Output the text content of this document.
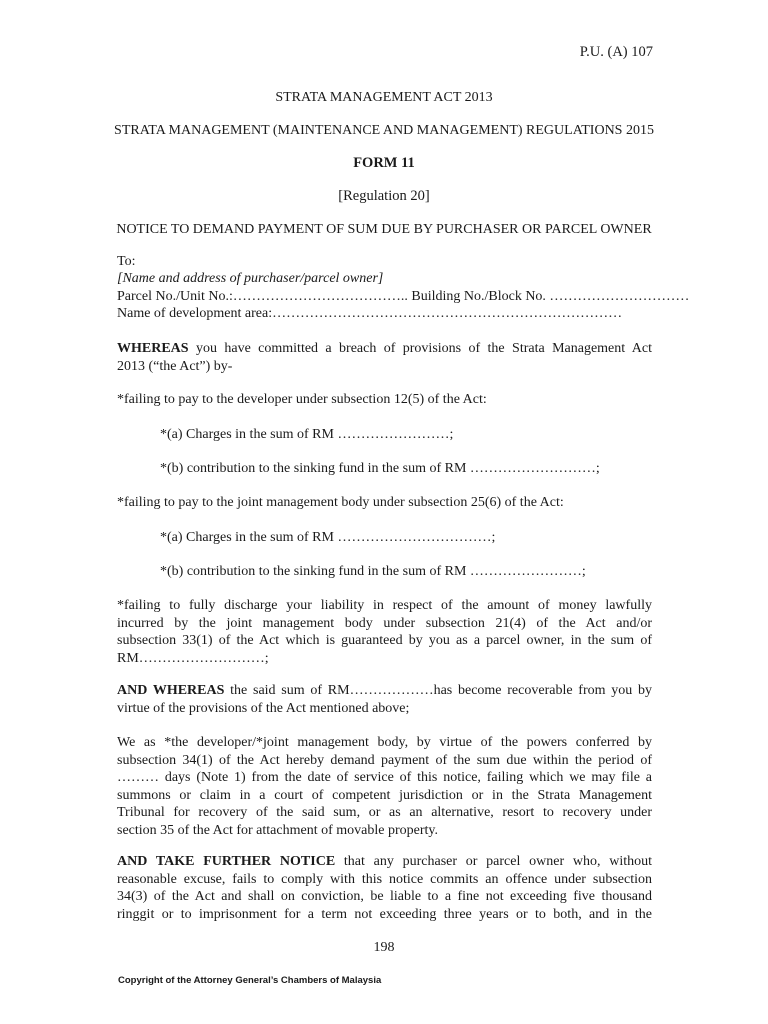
P.U. (A) 107
STRATA MANAGEMENT ACT 2013
STRATA MANAGEMENT (MAINTENANCE AND MANAGEMENT) REGULATIONS 2015
FORM 11
[Regulation 20]
NOTICE TO DEMAND PAYMENT OF SUM DUE BY PURCHASER OR PARCEL OWNER
To:
[Name and address of purchaser/parcel owner]
Parcel No./Unit No.:……………………………….. Building No./Block No. …………………………
Name of development area:…………………………………………………………………
WHEREAS you have committed a breach of provisions of the Strata Management Act
2013 (“the Act”) by-
*failing to pay to the developer under subsection 12(5) of the Act:
*(a) Charges in the sum of RM ……………………;
*(b) contribution to the sinking fund in the sum of RM ………………………;
*failing to pay to the joint management body under subsection 25(6) of the Act:
*(a) Charges in the sum of RM ……………………………;
*(b) contribution to the sinking fund in the sum of RM ……………………;
*failing to fully discharge your liability in respect of the amount of money lawfully
incurred by the joint management body under subsection 21(4) of the Act and/or
subsection 33(1) of the Act which is guaranteed by you as a parcel owner, in the sum of
RM………………………;
AND WHEREAS the said sum of RM………………has become recoverable from you by
virtue of the provisions of the Act mentioned above;
We as *the developer/*joint management body, by virtue of the powers conferred by
subsection 34(1) of the Act hereby demand payment of the sum due within the period of
……… days (Note 1) from the date of service of this notice, failing which we may file a
summons or claim in a court of competent jurisdiction or in the Strata Management
Tribunal for recovery of the said sum, or as an alternative, resort to recovery under
section 35 of the Act for attachment of movable property.
AND TAKE FURTHER NOTICE that any purchaser or parcel owner who, without
reasonable excuse, fails to comply with this notice commits an offence under subsection
34(3) of the Act and shall on conviction, be liable to a fine not exceeding five thousand
ringgit or to imprisonment for a term not exceeding three years or to both, and in the
198
Copyright of the Attorney General’s Chambers of Malaysia
